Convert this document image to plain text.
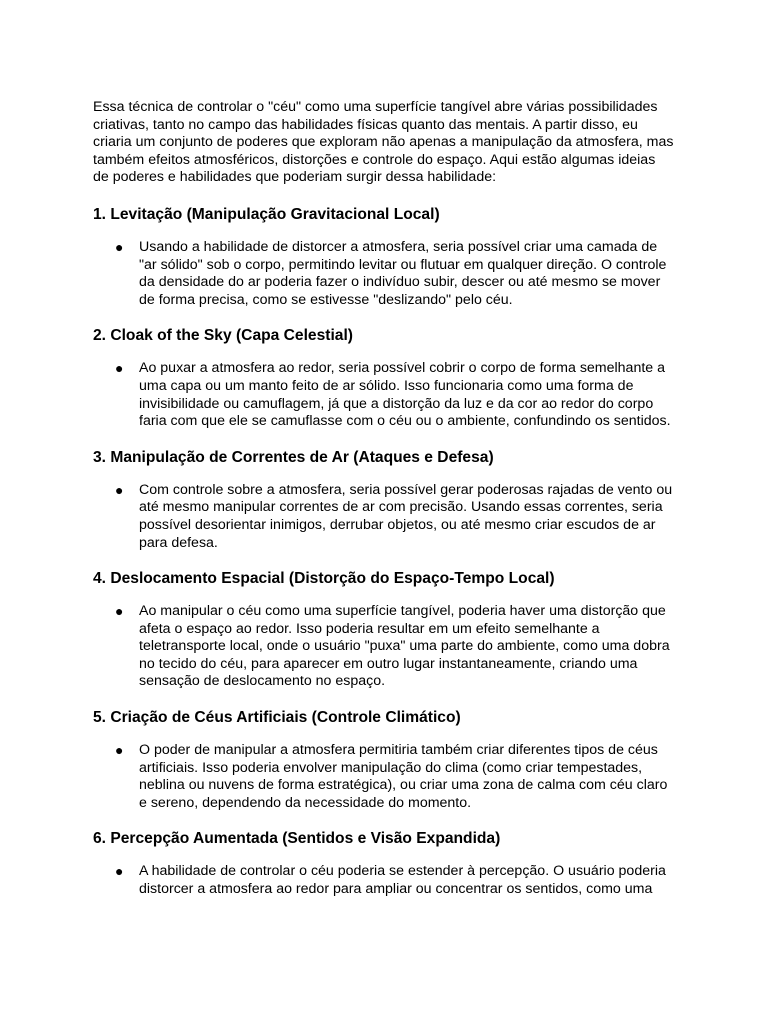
Essa técnica de controlar o "céu" como uma superfície tangível abre várias possibilidades
criativas, tanto no campo das habilidades físicas quanto das mentais. A partir disso, eu
criaria um conjunto de poderes que exploram não apenas a manipulação da atmosfera, mas
também efeitos atmosféricos, distorções e controle do espaço. Aqui estão algumas ideias
de poderes e habilidades que poderiam surgir dessa habilidade:

1. Levitação (Manipulação Gravitacional Local)
● Usando a habilidade de distorcer a atmosfera, seria possível criar uma camada de
"ar sólido" sob o corpo, permitindo levitar ou flutuar em qualquer direção. O controle
da densidade do ar poderia fazer o indivíduo subir, descer ou até mesmo se mover
de forma precisa, como se estivesse "deslizando" pelo céu.
2. Cloak of the Sky (Capa Celestial)
● Ao puxar a atmosfera ao redor, seria possível cobrir o corpo de forma semelhante a
uma capa ou um manto feito de ar sólido. Isso funcionaria como uma forma de
invisibilidade ou camuflagem, já que a distorção da luz e da cor ao redor do corpo
faria com que ele se camuflasse com o céu ou o ambiente, confundindo os sentidos.
3. Manipulação de Correntes de Ar (Ataques e Defesa)
● Com controle sobre a atmosfera, seria possível gerar poderosas rajadas de vento ou
até mesmo manipular correntes de ar com precisão. Usando essas correntes, seria
possível desorientar inimigos, derrubar objetos, ou até mesmo criar escudos de ar
para defesa.
4. Deslocamento Espacial (Distorção do Espaço-Tempo Local)
● Ao manipular o céu como uma superfície tangível, poderia haver uma distorção que
afeta o espaço ao redor. Isso poderia resultar em um efeito semelhante a
teletransporte local, onde o usuário "puxa" uma parte do ambiente, como uma dobra
no tecido do céu, para aparecer em outro lugar instantaneamente, criando uma
sensação de deslocamento no espaço.
5. Criação de Céus Artificiais (Controle Climático)
● O poder de manipular a atmosfera permitiria também criar diferentes tipos de céus
artificiais. Isso poderia envolver manipulação do clima (como criar tempestades,
neblina ou nuvens de forma estratégica), ou criar uma zona de calma com céu claro
e sereno, dependendo da necessidade do momento.
6. Percepção Aumentada (Sentidos e Visão Expandida)
● A habilidade de controlar o céu poderia se estender à percepção. O usuário poderia
distorcer a atmosfera ao redor para ampliar ou concentrar os sentidos, como uma
